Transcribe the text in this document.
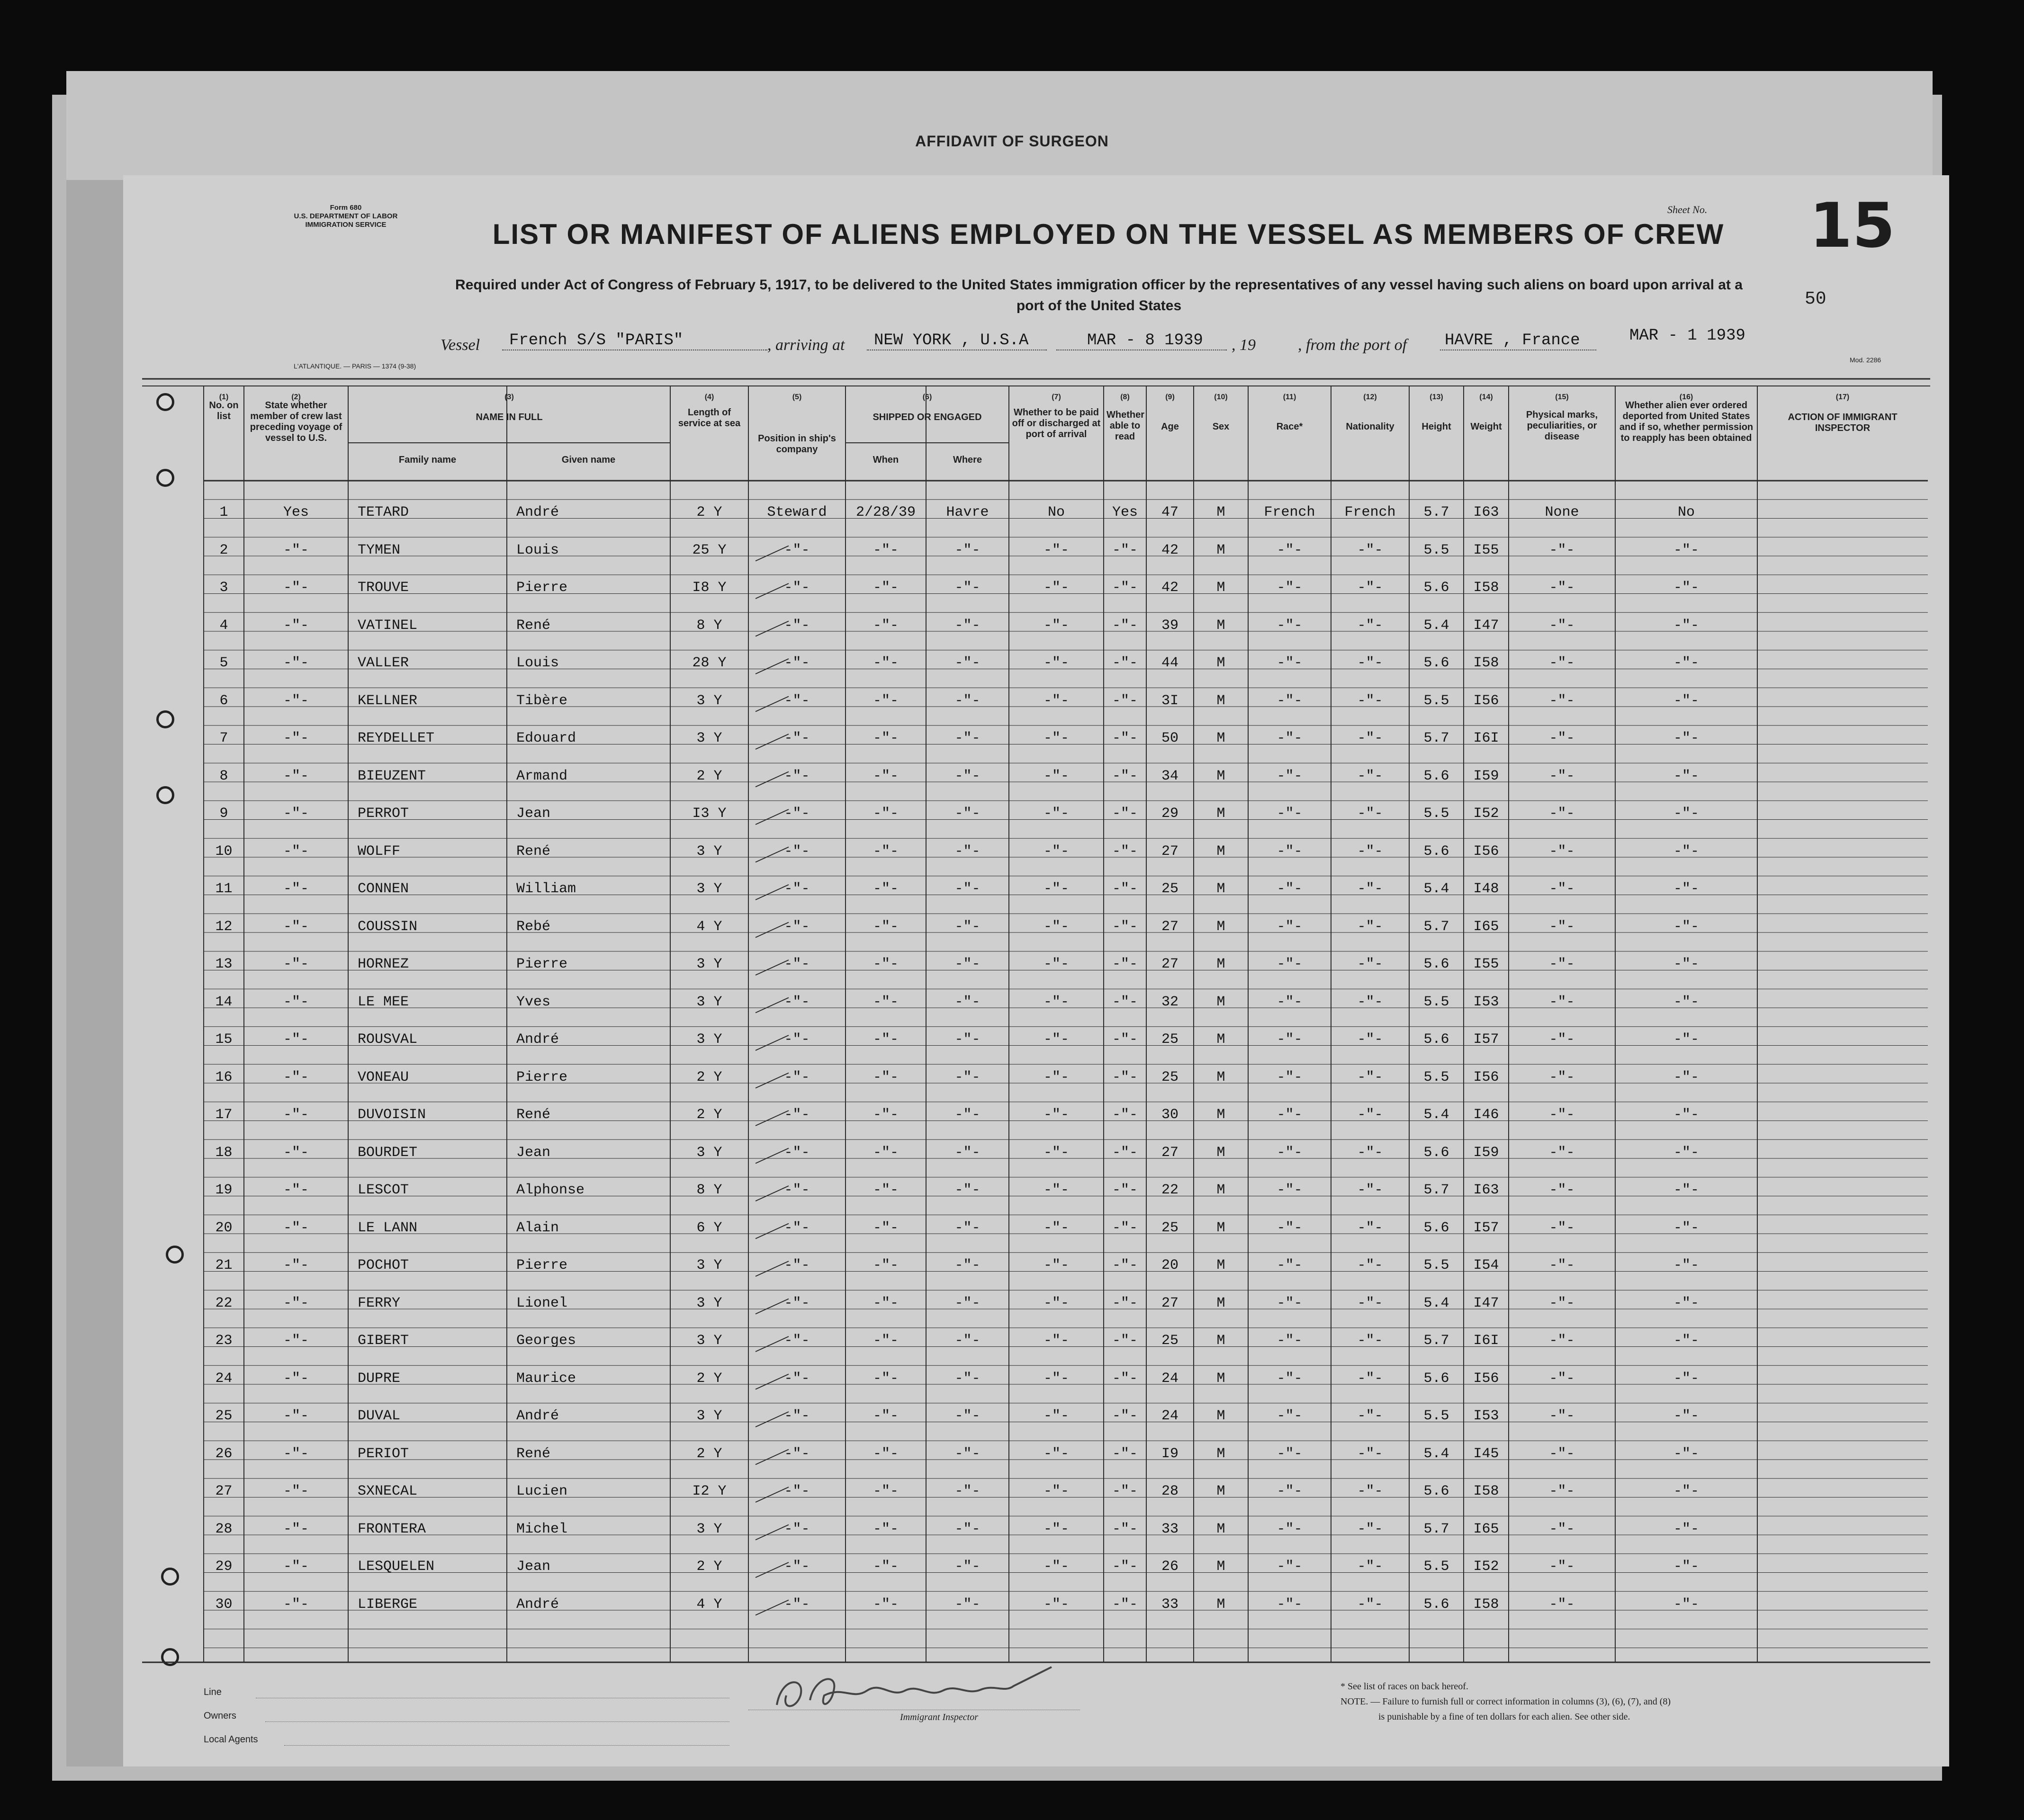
AFFIDAVIT OF SURGEON
Form 680
U.S. DEPARTMENT OF LABOR
IMMIGRATION SERVICE	LIST OR MANIFEST OF ALIENS EMPLOYED ON THE VESSEL AS MEMBERS OF CREW
Sheet No. 15
Required under Act of Congress of February 5, 1917, to be delivered to the United States immigration officer by the representatives of any vessel having such aliens on board upon arrival at a
port of the United States	50
Vessel French S/S "PARIS"	, arriving at NEW YORK , U.S.A	MAR - 8 1939 , 19	, from the port of HAVRE , France	MAR - 1 1939
L'ATLANTIQUE. — PARIS — 1374 (9-38)
Mod. 2286
(1)
No. on list
(2)
State whether member of crew last preceding voyage of vessel to U.S.
(3)
NAME IN FULL
(4)
Length of service at sea
(5)
Position in ship's company
(6)
SHIPPED OR ENGAGED
(7)
Whether to be paid off or discharged at port of arrival
(8)
Whether able to read
(9)
Age
(10)
Sex
(11)
Race*
(12)
Nationality
(13)
Height
(14)
Weight
(15)
Physical marks, peculiarities, or disease
(16)
Whether alien ever ordered deported from United States and if so, whether permission to reapply has been obtained
(17)
ACTION OF IMMIGRANT INSPECTOR
Family name	Given name	When	Where
1	Yes	TETARD	André	2 Y	Steward	2/28/39	Havre	No	Yes	47	M	French	French	5.7	I63	None	No
2	-"-	TYMEN	Louis	25 Y	-"-	-"-	-"-	-"-	-"-	42	M	-"-	-"-	5.5	I55	-"-	-"-
3	-"-	TROUVE	Pierre	I8 Y	-"-	-"-	-"-	-"-	-"-	42	M	-"-	-"-	5.6	I58	-"-	-"-
4	-"-	VATINEL	René	8 Y	-"-	-"-	-"-	-"-	-"-	39	M	-"-	-"-	5.4	I47	-"-	-"-
5	-"-	VALLER	Louis	28 Y	-"-	-"-	-"-	-"-	-"-	44	M	-"-	-"-	5.6	I58	-"-	-"-
6	-"-	KELLNER	Tibère	3 Y	-"-	-"-	-"-	-"-	-"-	3I	M	-"-	-"-	5.5	I56	-"-	-"-
7	-"-	REYDELLET	Edouard	3 Y	-"-	-"-	-"-	-"-	-"-	50	M	-"-	-"-	5.7	I6I	-"-	-"-
8	-"-	BIEUZENT	Armand	2 Y	-"-	-"-	-"-	-"-	-"-	34	M	-"-	-"-	5.6	I59	-"-	-"-
9	-"-	PERROT	Jean	I3 Y	-"-	-"-	-"-	-"-	-"-	29	M	-"-	-"-	5.5	I52	-"-	-"-
10	-"-	WOLFF	René	3 Y	-"-	-"-	-"-	-"-	-"-	27	M	-"-	-"-	5.6	I56	-"-	-"-
11	-"-	CONNEN	William	3 Y	-"-	-"-	-"-	-"-	-"-	25	M	-"-	-"-	5.4	I48	-"-	-"-
12	-"-	COUSSIN	Rebé	4 Y	-"-	-"-	-"-	-"-	-"-	27	M	-"-	-"-	5.7	I65	-"-	-"-
13	-"-	HORNEZ	Pierre	3 Y	-"-	-"-	-"-	-"-	-"-	27	M	-"-	-"-	5.6	I55	-"-	-"-
14	-"-	LE MEE	Yves	3 Y	-"-	-"-	-"-	-"-	-"-	32	M	-"-	-"-	5.5	I53	-"-	-"-
15	-"-	ROUSVAL	André	3 Y	-"-	-"-	-"-	-"-	-"-	25	M	-"-	-"-	5.6	I57	-"-	-"-
16	-"-	VONEAU	Pierre	2 Y	-"-	-"-	-"-	-"-	-"-	25	M	-"-	-"-	5.5	I56	-"-	-"-
17	-"-	DUVOISIN	René	2 Y	-"-	-"-	-"-	-"-	-"-	30	M	-"-	-"-	5.4	I46	-"-	-"-
18	-"-	BOURDET	Jean	3 Y	-"-	-"-	-"-	-"-	-"-	27	M	-"-	-"-	5.6	I59	-"-	-"-
19	-"-	LESCOT	Alphonse	8 Y	-"-	-"-	-"-	-"-	-"-	22	M	-"-	-"-	5.7	I63	-"-	-"-
20	-"-	LE LANN	Alain	6 Y	-"-	-"-	-"-	-"-	-"-	25	M	-"-	-"-	5.6	I57	-"-	-"-
21	-"-	POCHOT	Pierre	3 Y	-"-	-"-	-"-	-"-	-"-	20	M	-"-	-"-	5.5	I54	-"-	-"-
22	-"-	FERRY	Lionel	3 Y	-"-	-"-	-"-	-"-	-"-	27	M	-"-	-"-	5.4	I47	-"-	-"-
23	-"-	GIBERT	Georges	3 Y	-"-	-"-	-"-	-"-	-"-	25	M	-"-	-"-	5.7	I6I	-"-	-"-
24	-"-	DUPRE	Maurice	2 Y	-"-	-"-	-"-	-"-	-"-	24	M	-"-	-"-	5.6	I56	-"-	-"-
25	-"-	DUVAL	André	3 Y	-"-	-"-	-"-	-"-	-"-	24	M	-"-	-"-	5.5	I53	-"-	-"-
26	-"-	PERIOT	René	2 Y	-"-	-"-	-"-	-"-	-"-	I9	M	-"-	-"-	5.4	I45	-"-	-"-
27	-"-	SXNECAL	Lucien	I2 Y	-"-	-"-	-"-	-"-	-"-	28	M	-"-	-"-	5.6	I58	-"-	-"-
28	-"-	FRONTERA	Michel	3 Y	-"-	-"-	-"-	-"-	-"-	33	M	-"-	-"-	5.7	I65	-"-	-"-
29	-"-	LESQUELEN	Jean	2 Y	-"-	-"-	-"-	-"-	-"-	26	M	-"-	-"-	5.5	I52	-"-	-"-
30	-"-	LIBERGE	André	4 Y	-"-	-"-	-"-	-"-	-"-	33	M	-"-	-"-	5.6	I58	-"-	-"-
Line
Owners
Local Agents
Immigrant Inspector
* See list of races on back hereof.
NOTE. — Failure to furnish full or correct information in columns (3), (6), (7), and (8)
is punishable by a fine of ten dollars for each alien. See other side.
